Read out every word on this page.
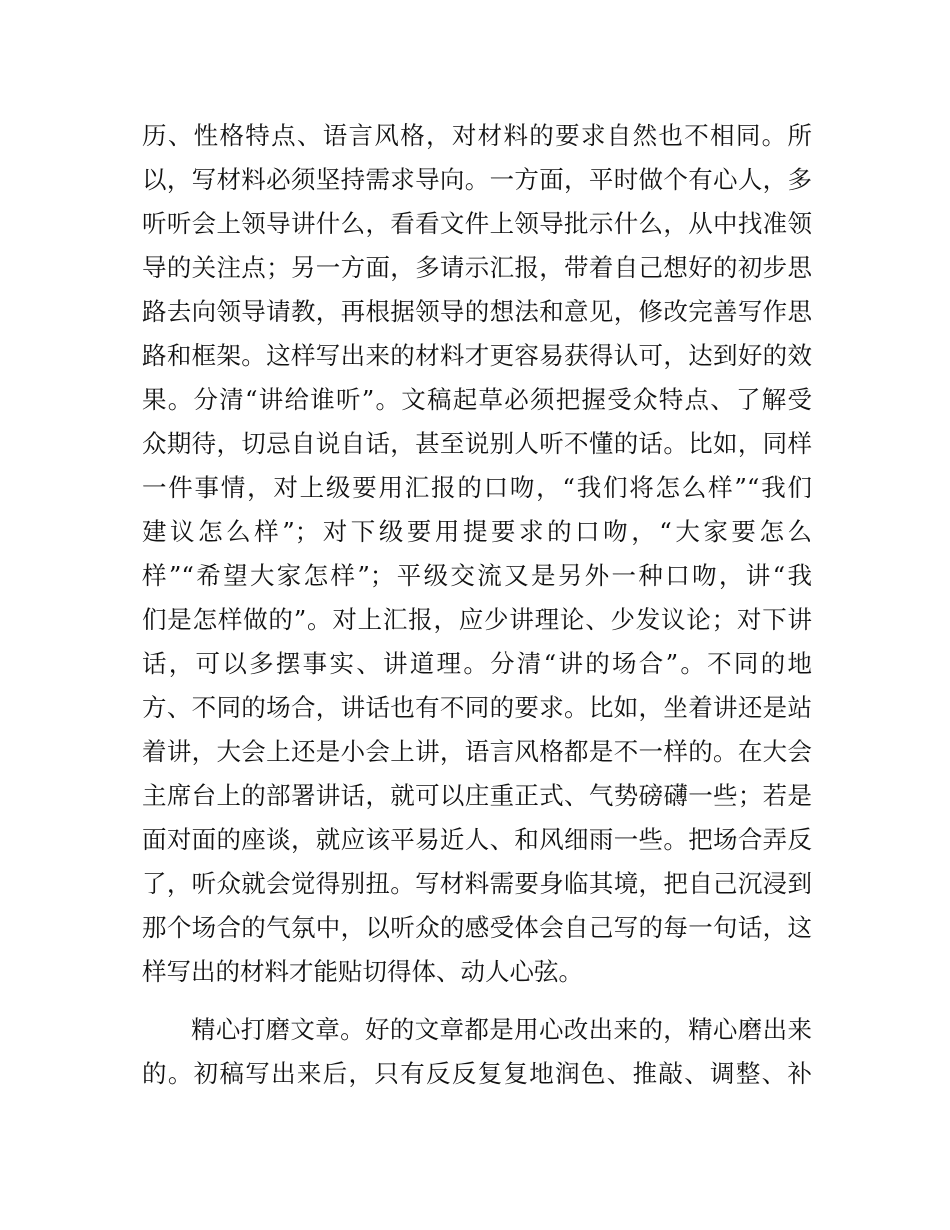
历、性格特点、语言风格，对材料的要求自然也不相同。所
以，写材料必须坚持需求导向。一方面，平时做个有心人，多
听听会上领导讲什么，看看文件上领导批示什么，从中找准领
导的关注点；另一方面，多请示汇报，带着自己想好的初步思
路去向领导请教，再根据领导的想法和意见，修改完善写作思
路和框架。这样写出来的材料才更容易获得认可，达到好的效
果。分清“讲给谁听”。文稿起草必须把握受众特点、了解受
众期待，切忌自说自话，甚至说别人听不懂的话。比如，同样
一件事情，对上级要用汇报的口吻，“我们将怎么样”“我们
建议怎么样”；对下级要用提要求的口吻，“大家要怎么
样”“希望大家怎样”；平级交流又是另外一种口吻，讲“我
们是怎样做的”。对上汇报，应少讲理论、少发议论；对下讲
话，可以多摆事实、讲道理。分清“讲的场合”。不同的地
方、不同的场合，讲话也有不同的要求。比如，坐着讲还是站
着讲，大会上还是小会上讲，语言风格都是不一样的。在大会
主席台上的部署讲话，就可以庄重正式、气势磅礴一些；若是
面对面的座谈，就应该平易近人、和风细雨一些。把场合弄反
了，听众就会觉得别扭。写材料需要身临其境，把自己沉浸到
那个场合的气氛中，以听众的感受体会自己写的每一句话，这
样写出的材料才能贴切得体、动人心弦。
精心打磨文章。好的文章都是用心改出来的，精心磨出来
的。初稿写出来后，只有反反复复地润色、推敲、调整、补
